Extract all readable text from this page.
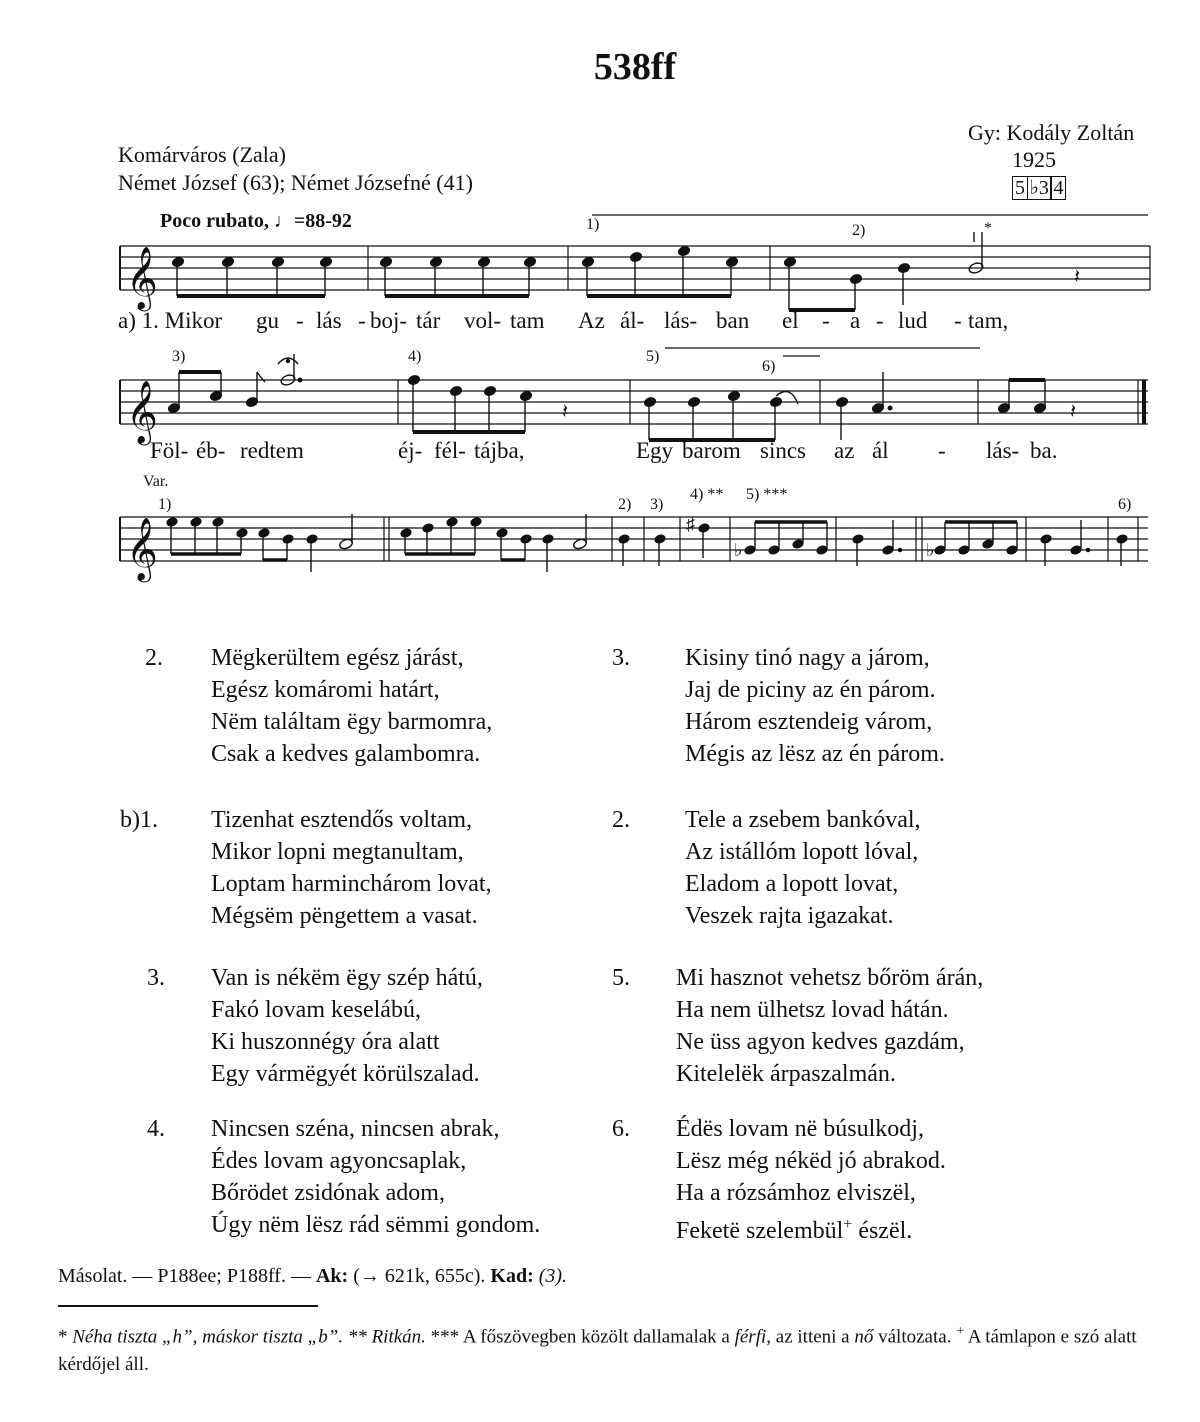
538ff
Komárváros (Zala)
Német József (63); Német Józsefné (41)
Gy: Kodály Zoltán
1925
5 ♭3 4
Poco rubato, ♩=88-92
𝄞
𝄞
𝄞
𝄽
𝄽	𝄽
♯
♭	♭
1)	2)	*
3)	4)	5)
6)
Var.
1)	2) 3)
4) ** 5) ***
6)
a) 1. Mikor gu - lás - boj- tár vol- tam Az ál- lás- ban el - a - lud - tam,
Föl- éb- redtem	éj- fél- tájba,	Egy barom sincs az ál - lás- ba.
2. Mëgkerültem egész járást,
Egész komáromi határt,
Nëm találtam ëgy barmomra,
Csak a kedves galambomra.
3. Kisiny tinó nagy a járom,
Jaj de piciny az én párom.
Három esztendeig várom,
Mégis az lësz az én párom.
b)1. Tizenhat esztendős voltam,
Mikor lopni megtanultam,
Loptam harminchárom lovat,
Mégsëm pëngettem a vasat.
2. Tele a zsebem bankóval,
Az istállóm lopott lóval,
Eladom a lopott lovat,
Veszek rajta igazakat.
3. Van is nékëm ëgy szép hátú,
Fakó lovam keselábú,
Ki huszonnégy óra alatt
Egy vármëgyét körülszalad.
5. Mi hasznot vehetsz bőröm árán,
Ha nem ülhetsz lovad hátán.
Ne üss agyon kedves gazdám,
Kitelelëk árpaszalmán.
4. Nincsen széna, nincsen abrak,
Édes lovam agyoncsaplak,
Bőrödet zsidónak adom,
Úgy nëm lësz rád sëmmi gondom.
6. Édës lovam në búsulkodj,
Lësz még nékëd jó abrakod.
Ha a rózsámhoz elviszël,
Feketë szelembül+ észël.
Másolat. — P188ee; P188ff. — Ak: (→ 621k, 655c). Kad: (3).
* Néha tiszta „h”, máskor tiszta „b”. ** Ritkán. *** A főszövegben közölt dallamalak a férfi, az itteni a nő változata. + A támlapon e szó alatt kérdőjel áll.
